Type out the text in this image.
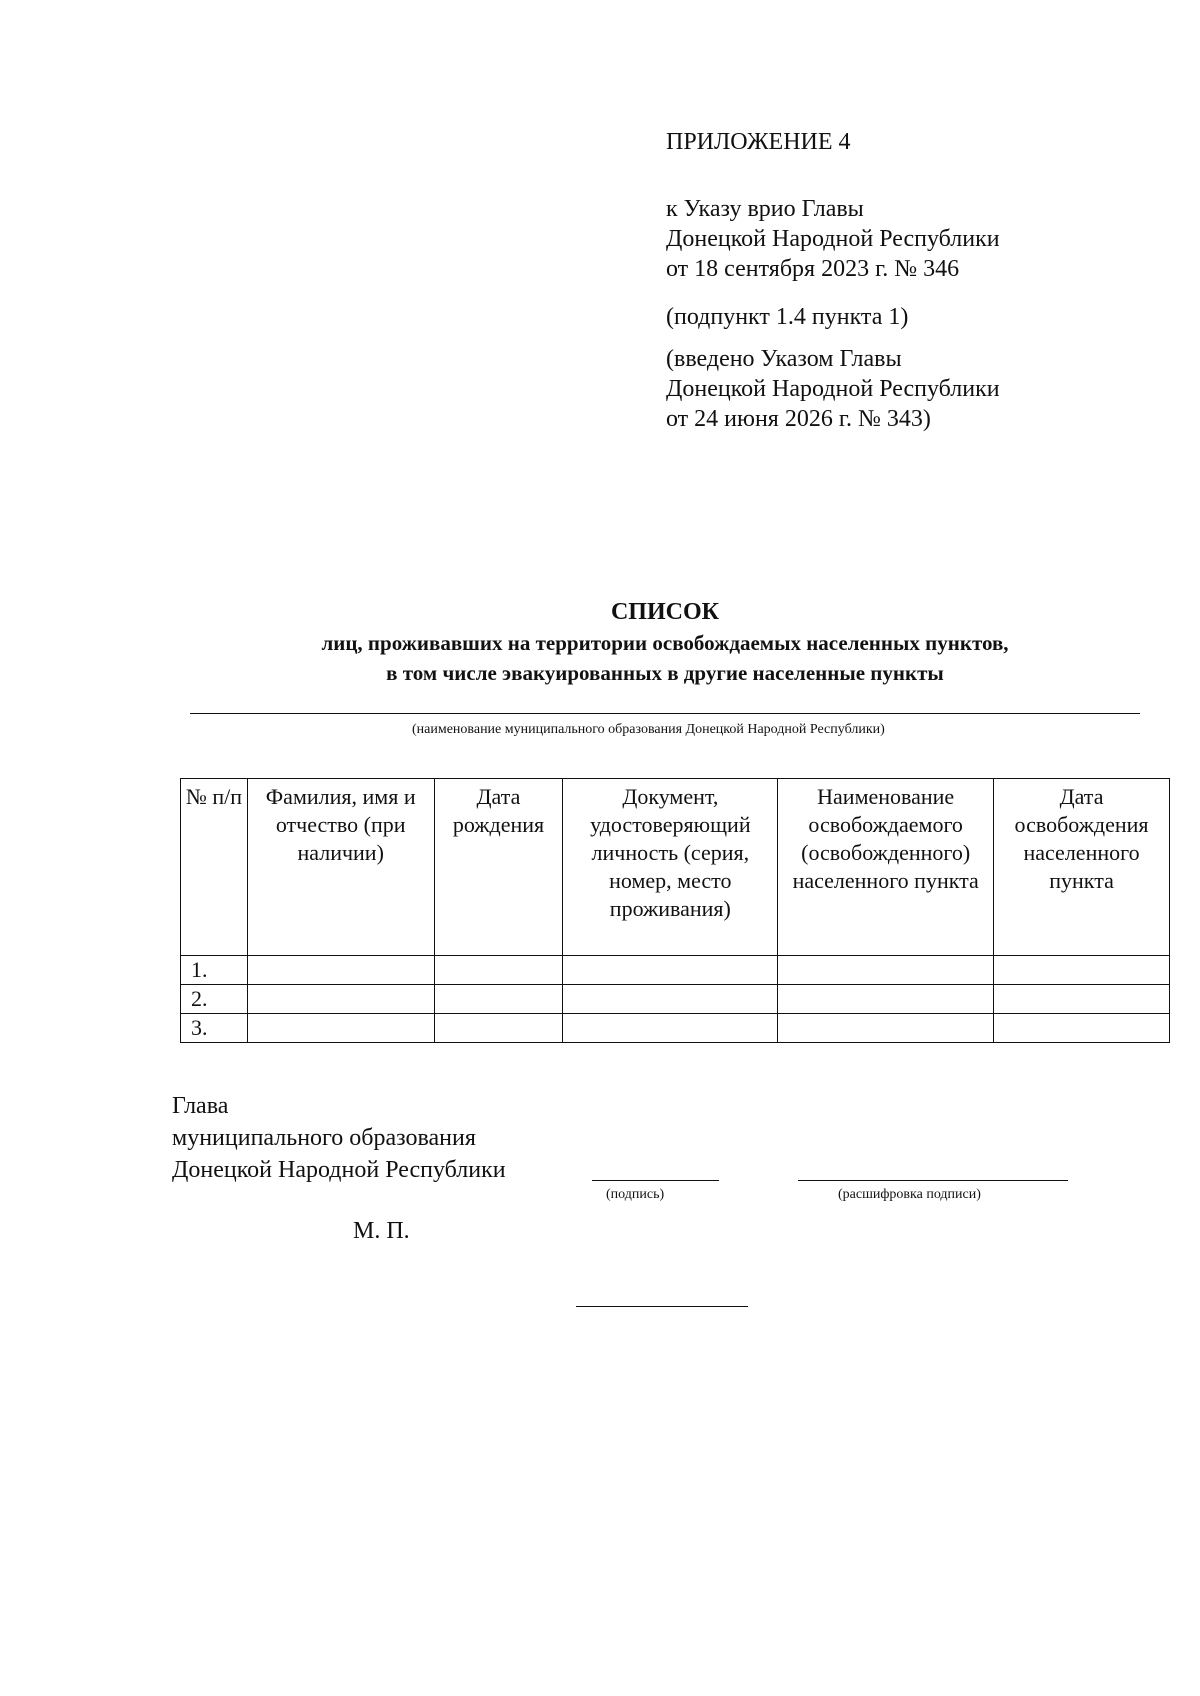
ПРИЛОЖЕНИЕ 4
к Указу врио Главы
Донецкой Народной Республики
от 18 сентября 2023 г. № 346
(подпункт 1.4 пункта 1)
(введено Указом Главы
Донецкой Народной Республики
от 24 июня 2026 г. № 343)
СПИСОК
лиц, проживавших на территории освобождаемых населенных пунктов,
в том числе эвакуированных в другие населенные пункты
(наименование муниципального образования Донецкой Народной Республики)
№ п/п	Фамилия, имя и отчество (при наличии)	Дата рождения	Документ, удостоверяющий личность (серия, номер, место проживания)	Наименование освобождаемого (освобожденного) населенного пункта	Дата освобождения населенного пункта
1.					
2.					
3.					
Глава
муниципального образования
Донецкой Народной Республики
(подпись)	(расшифровка подписи)
М. П.
